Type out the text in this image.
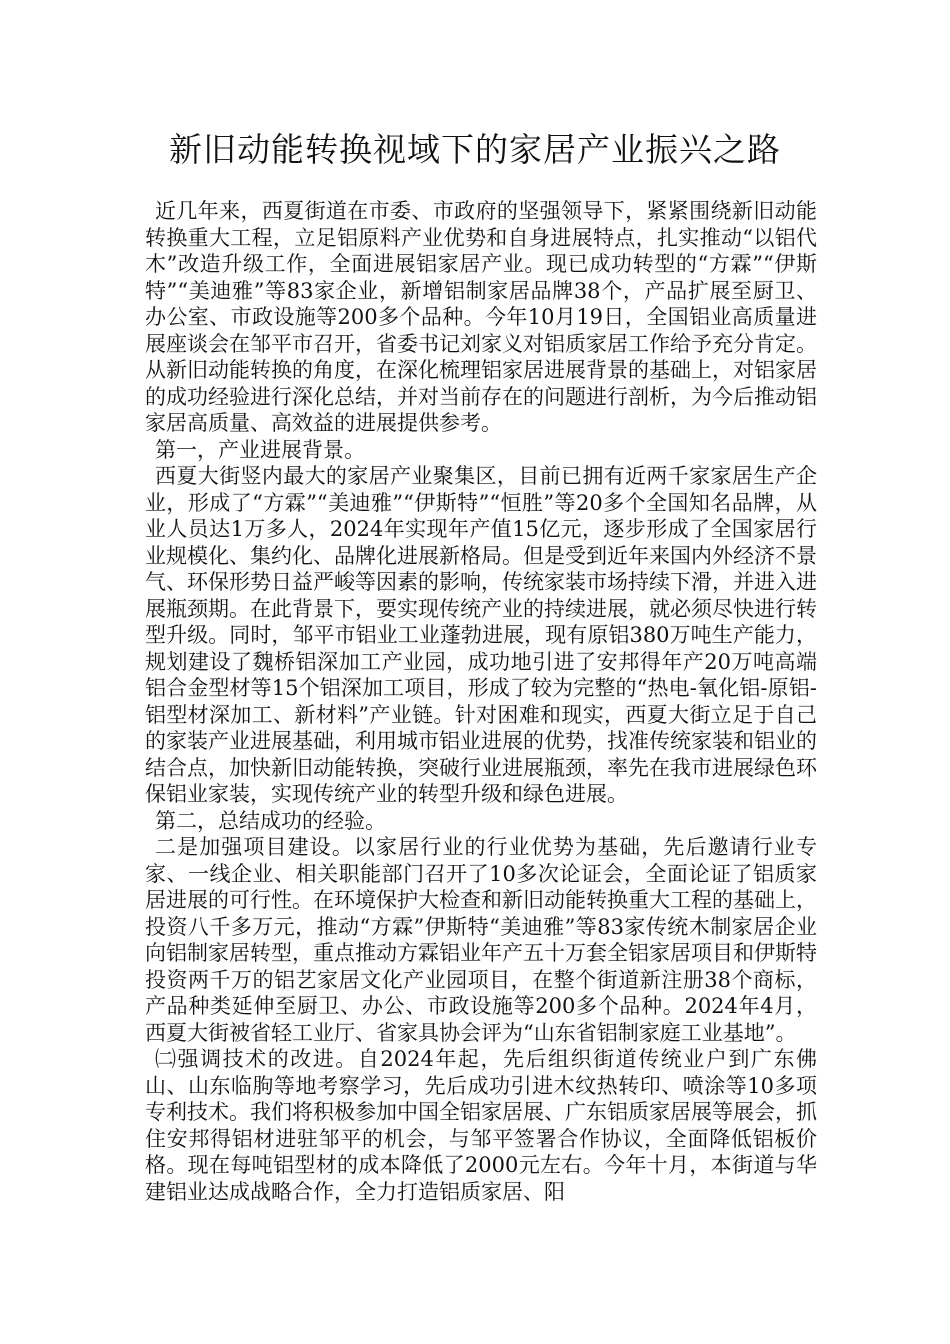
新旧动能转换视域下的家居产业振兴之路

近几年来，西夏街道在市委、市政府的坚强领导下，紧紧围绕新旧动能转换重大工程，立足铝原料产业优势和自身进展特点，扎实推动“以铝代木”改造升级工作，全面进展铝家居产业。现已成功转型的“方霖”“伊斯特”“美迪雅”等83家企业，新增铝制家居品牌38个，产品扩展至厨卫、办公室、市政设施等200多个品种。今年10月19日，全国铝业高质量进展座谈会在邹平市召开，省委书记刘家义对铝质家居工作给予充分肯定。从新旧动能转换的角度，在深化梳理铝家居进展背景的基础上，对铝家居的成功经验进行深化总结，并对当前存在的问题进行剖析，为今后推动铝家居高质量、高效益的进展提供参考。

第一，产业进展背景。

西夏大街竖内最大的家居产业聚集区，目前已拥有近两千家家居生产企业，形成了“方霖”“美迪雅”“伊斯特”“恒胜”等20多个全国知名品牌，从业人员达1万多人，2024年实现年产值15亿元，逐步形成了全国家居行业规模化、集约化、品牌化进展新格局。但是受到近年来国内外经济不景气、环保形势日益严峻等因素的影响，传统家装市场持续下滑，并进入进展瓶颈期。在此背景下，要实现传统产业的持续进展，就必须尽快进行转型升级。同时，邹平市铝业工业蓬勃进展，现有原铝380万吨生产能力，规划建设了魏桥铝深加工产业园，成功地引进了安邦得年产20万吨高端铝合金型材等15个铝深加工项目，形成了较为完整的“热电-氧化铝-原铝-铝型材深加工、新材料”产业链。针对困难和现实，西夏大街立足于自己的家装产业进展基础，利用城市铝业进展的优势，找准传统家装和铝业的结合点，加快新旧动能转换，突破行业进展瓶颈，率先在我市进展绿色环保铝业家装，实现传统产业的转型升级和绿色进展。

第二，总结成功的经验。

二是加强项目建设。以家居行业的行业优势为基础，先后邀请行业专家、一线企业、相关职能部门召开了10多次论证会，全面论证了铝质家居进展的可行性。在环境保护大检查和新旧动能转换重大工程的基础上，投资八千多万元，推动“方霖”伊斯特“美迪雅”等83家传统木制家居企业向铝制家居转型，重点推动方霖铝业年产五十万套全铝家居项目和伊斯特投资两千万的铝艺家居文化产业园项目，在整个街道新注册38个商标，产品种类延伸至厨卫、办公、市政设施等200多个品种。2024年4月，西夏大街被省轻工业厅、省家具协会评为“山东省铝制家庭工业基地”。

㈡强调技术的改进。自2024年起，先后组织街道传统业户到广东佛山、山东临朐等地考察学习，先后成功引进木纹热转印、喷涂等10多项专利技术。我们将积极参加中国全铝家居展、广东铝质家居展等展会，抓住安邦得铝材进驻邹平的机会，与邹平签署合作协议，全面降低铝板价格。现在每吨铝型材的成本降低了2000元左右。今年十月，本街道与华建铝业达成战略合作，全力打造铝质家居、阳
